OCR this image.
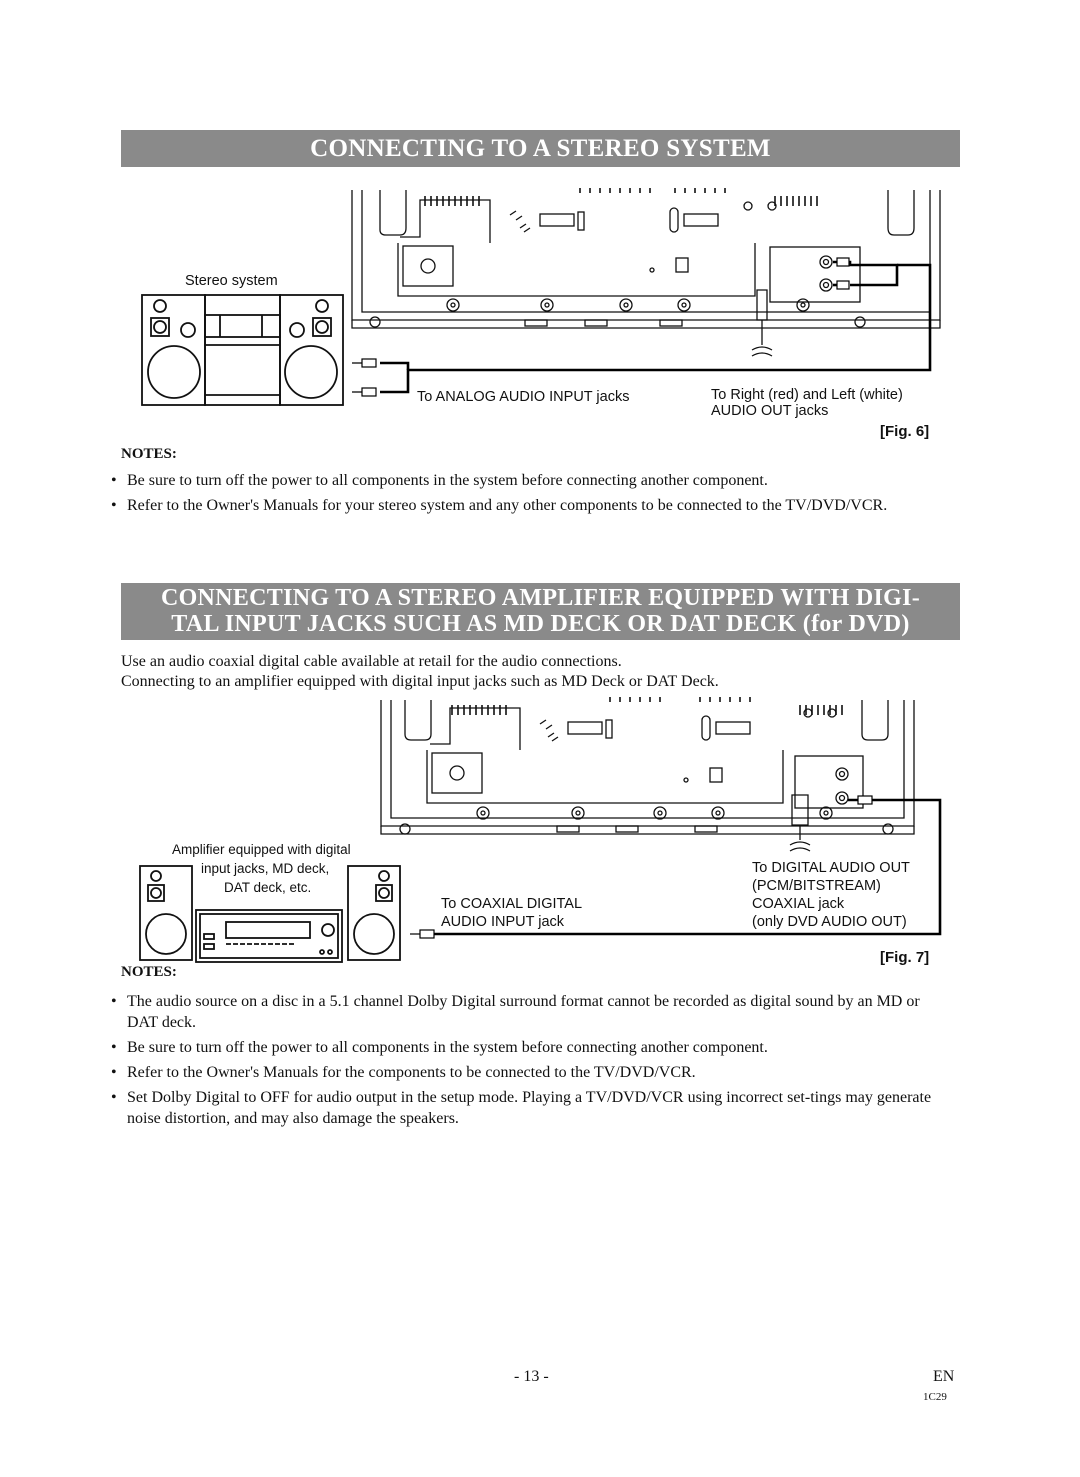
CONNECTING TO A STEREO SYSTEM
Stereo system
To ANALOG AUDIO INPUT jacks	To Right (red) and Left (white)
AUDIO OUT jacks
[Fig. 6]
NOTES:
• Be sure to turn off the power to all components in the system before connecting another component.
• Refer to the Owner's Manuals for your stereo system and any other components to be connected to the TV/DVD/VCR.
CONNECTING TO A STEREO AMPLIFIER EQUIPPED WITH DIGI-
TAL INPUT JACKS SUCH AS MD DECK OR DAT DECK (for DVD)
Use an audio coaxial digital cable available at retail for the audio connections.
Connecting to an amplifier equipped with digital input jacks such as MD Deck or DAT Deck.
Amplifier equipped with digital
input jacks, MD deck,
DAT deck, etc.
To COAXIAL DIGITAL
AUDIO INPUT jack
To DIGITAL AUDIO OUT
(PCM/BITSTREAM)
COAXIAL jack
(only DVD AUDIO OUT)
[Fig. 7]
NOTES:
• The audio source on a disc in a 5.1 channel Dolby Digital surround format cannot be recorded as digital sound by an MD or DAT deck.
• Be sure to turn off the power to all components in the system before connecting another component.
• Refer to the Owner's Manuals for the components to be connected to the TV/DVD/VCR.
• Set Dolby Digital to OFF for audio output in the setup mode. Playing a TV/DVD/VCR using incorrect set-tings may generate noise distortion, and may also damage the speakers.
- 13 -	EN
1C29
